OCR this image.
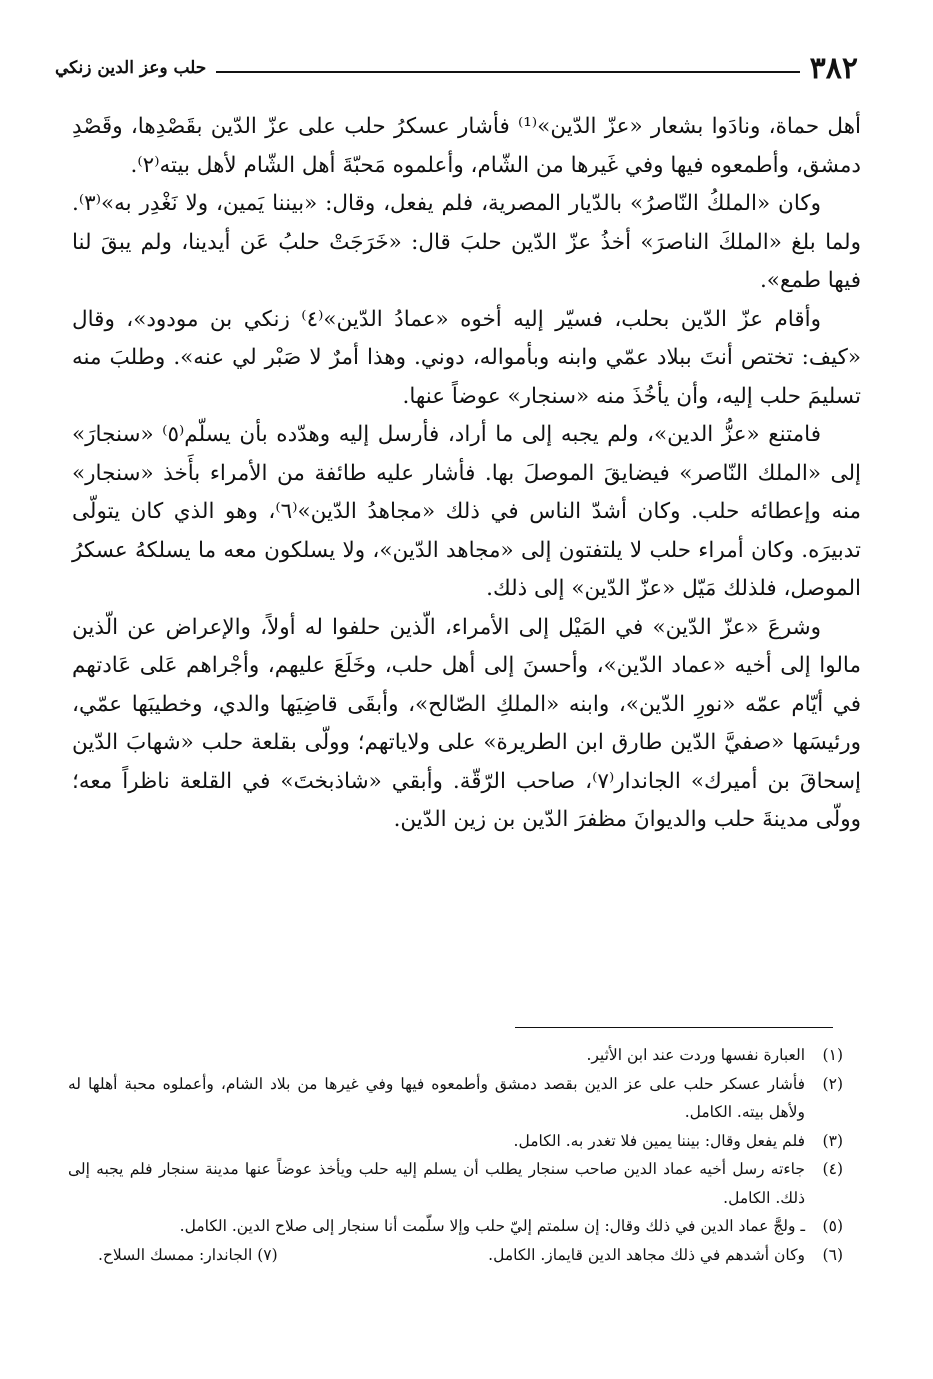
٣٨٢
حلب وعز الدين زنكي

أهل حماة، ونادَوا بشعار «عزّ الدّين»⁽¹⁾ فأشار عسكرُ حلب على عزّ الدّين بقَصْدِها، وقَصْدِ دمشق، وأطمعوه فيها وفي غَيرها من الشّام، وأعلموه مَحبّةَ أهل الشّام لأهل بيته⁽٢⁾.

وكان «الملكُ النّاصرُ» بالدّيار المصرية، فلم يفعل، وقال: «بيننا يَمين، ولا نَغْدِر به»⁽٣⁾. ولما بلغ «الملكَ الناصرَ» أخذُ عزّ الدّين حلبَ قال: «خَرَجَتْ حلبُ عَن أيدينا، ولم يبقَ لنا فيها طمع».

وأقام عزّ الدّين بحلب، فسيّر إليه أخوه «عمادُ الدّين»⁽٤⁾ زنكي بن مودود»، وقال «كيف: تختص أنتَ ببلاد عمّي وابنه وبأمواله، دوني. وهذا أمرٌ لا صَبْر لي عنه». وطلبَ منه تسليمَ حلب إليه، وأن يأخُذَ منه «سنجار» عوضاً عنها.

فامتنع «عزُّ الدين»، ولم يجبه إلى ما أراد، فأرسل إليه وهدّده بأن يسلّم⁽٥⁾ «سنجارَ» إلى «الملك النّاصر» فيضايقَ الموصلَ بها. فأشار عليه طائفة من الأمراء بأَخذ «سنجار» منه وإعطائه حلب. وكان أشدّ الناس في ذلك «مجاهدُ الدّين»⁽٦⁾، وهو الذي كان يتولّى تدبيرَه. وكان أمراء حلب لا يلتفتون إلى «مجاهد الدّين»، ولا يسلكون معه ما يسلكهُ عسكرُ الموصل، فلذلك مَيّل «عزّ الدّين» إلى ذلك.

وشرعَ «عزّ الدّين» في المَيْل إلى الأمراء، الّذين حلفوا له أولاً، والإعراض عن الّذين مالوا إلى أخيه «عماد الدّين»، وأحسنَ إلى أهل حلب، وخَلَعَ عليهم، وأجْراهم عَلى عَادتهم في أيّام عمّه «نورِ الدّين»، وابنه «الملكِ الصّالح»، وأبقَى قاضِيَها والدي، وخطيبَها عمّي، ورئيسَها «صفيَّ الدّين طارق ابن الطريرة» على ولاياتهم؛ وولّى بقلعة حلب «شهابَ الدّين إسحاقَ بن أميرك» الجاندار⁽٧⁾، صاحب الرّقّة. وأبقي «شاذبختَ» في القلعة ناظراً معه؛ وولّى مدينةَ حلب والديوانَ مظفرَ الدّين بن زين الدّين.

(١)
العبارة نفسها وردت عند ابن الأثير.

(٢)
فأشار عسكر حلب على عز الدين بقصد دمشق وأطمعوه فيها وفي غيرها من بلاد الشام، وأعملوه محبة أهلها له ولأهل بيته. الكامل.

(٣)
فلم يفعل وقال: بيننا يمين فلا تغدر به. الكامل.

(٤)
جاءته رسل أخيه عماد الدين صاحب سنجار يطلب أن يسلم إليه حلب ويأخذ عوضاً عنها مدينة سنجار فلم يجبه إلى ذلك. الكامل.

(٥)
ـ ولجَّ عماد الدين في ذلك وقال: إن سلمتم إليّ حلب وإلا سلّمت أنا سنجار إلى صلاح الدين. الكامل.

(٦)
وكان أشدهم في ذلك مجاهد الدين قايماز. الكامل.

(٧) الجاندار: ممسك السلاح.
